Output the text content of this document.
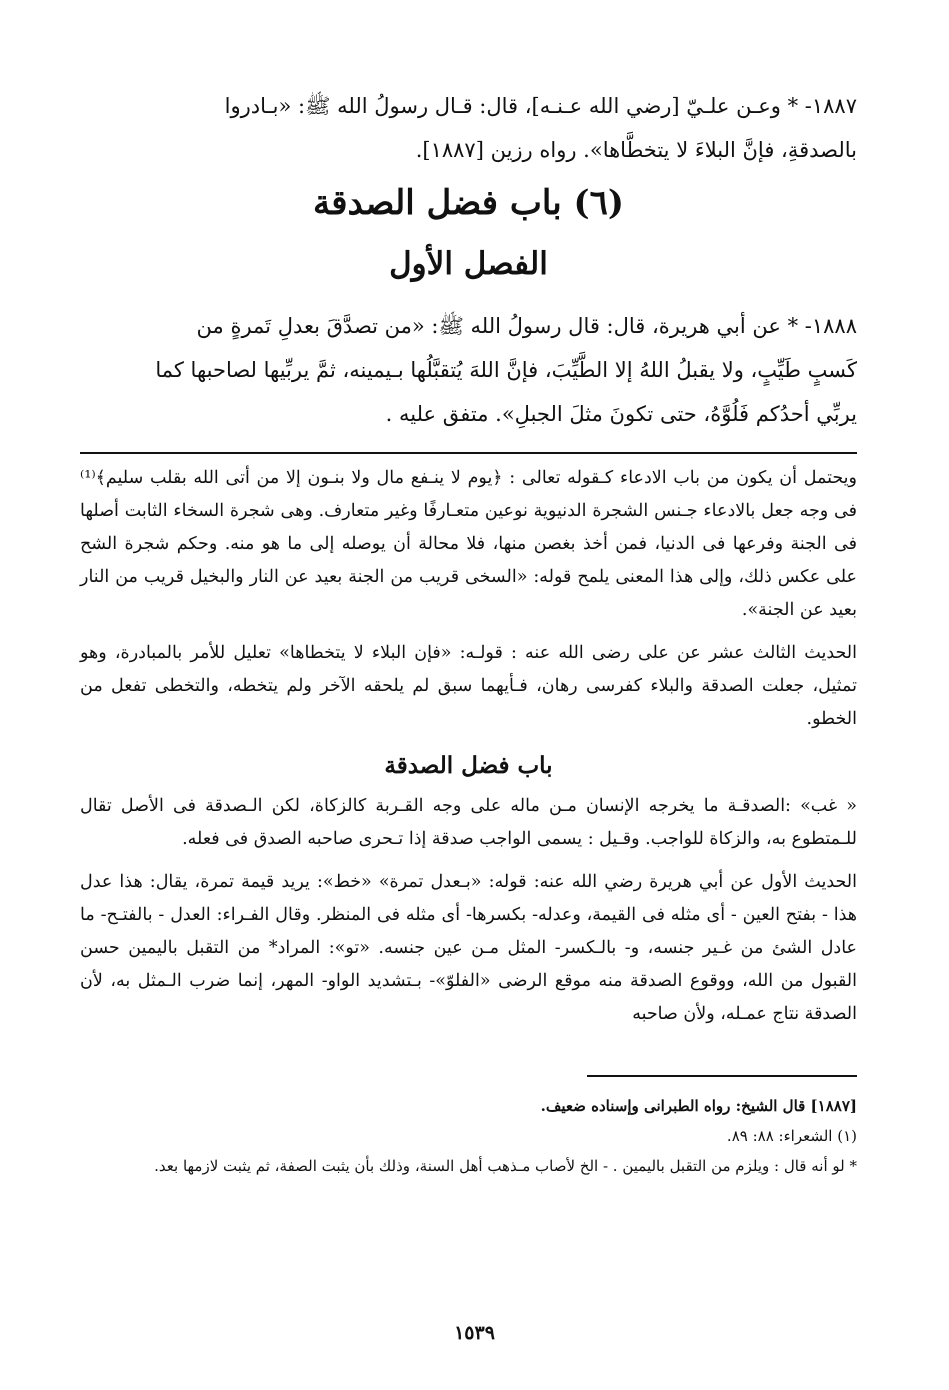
١٨٨٧- * وعـن علـيّ [رضي الله عـنـه]، قال: قـال رسولُ الله ﷺ: «بـادروا

بالصدقةِ، فإنَّ البلاءَ لا يتخطَّاها». رواه رزين [١٨٨٧].

(٦) باب فضل الصدقة
الفصل الأول

١٨٨٨- * عن أبي هريرة، قال: قال رسولُ الله ﷺ: «من تصدَّقَ بعدلِ تَمرةٍ من

كَسبٍ طَيِّبٍ، ولا يقبلُ اللهُ إلا الطَّيِّبَ، فإنَّ اللهَ يُتقبَّلُها بـيمينه، ثمَّ يربِّيها لصاحبها كما

يربِّي أحدُكم فَلُوَّهُ، حتى تكونَ مثلَ الجبلِ». متفق عليه .

ويحتمل أن يكون من باب الادعاء كـقوله تعالى : ﴿يوم لا ينـفع مال ولا بنـون إلا من أتى الله بقلب سليم﴾⁽¹⁾ فى وجه جعل بالادعاء جـنس الشجرة الدنيوية نوعين متعـارفًا وغير متعارف. وهى شجرة السخاء الثابت أصلها فى الجنة وفرعها فى الدنيا، فمن أخذ بغصن منها، فلا محالة أن يوصله إلى ما هو منه. وحكم شجرة الشح على عكس ذلك، وإلى هذا المعنى يلمح قوله: «السخى قريب من الجنة بعيد عن النار والبخيل قريب من النار بعيد عن الجنة».

الحديث الثالث عشر عن على رضى الله عنه : قولـه: «فإن البلاء لا يتخطاها» تعليل للأمر بالمبادرة، وهو تمثيل، جعلت الصدقة والبلاء كفرسى رهان، فـأيهما سبق لم يلحقه الآخر ولم يتخطه، والتخطى تفعل من الخطو.

باب فضل الصدقة

« غب» :الصدقـة ما يخرجه الإنسان مـن ماله على وجه القـربة كالزكاة، لكن الـصدقة فى الأصل تقال للـمتطوع به، والزكاة للواجب. وقـيل : يسمى الواجب صدقة إذا تـحرى صاحبه الصدق فى فعله.

الحديث الأول عن أبي هريرة رضي الله عنه: قوله: «بـعدل تمرة» «خط»: يريد قيمة تمرة، يقال: هذا عدل هذا - بفتح العين - أى مثله فى القيمة، وعدله- بكسرها- أى مثله فى المنظر. وقال الفـراء: العدل - بالفتـح- ما عادل الشئ من غـير جنسه، و- بالـكسر- المثل مـن عين جنسه. «تو»: المراد* من التقبل باليمين حسن القبول من الله، ووقوع الصدقة منه موقع الرضى «الفلوّ»- بـتشديد الواو- المهر، إنما ضرب الـمثل به، لأن الصدقة نتاج عمـله، ولأن صاحبه

[١٨٨٧] قال الشيخ: رواه الطبرانى وإسناده ضعيف.

(١) الشعراء: ٨٨: ٨٩.

* لو أنه قال : ويلزم من التقبل باليمين . - الخ لأصاب مـذهب أهل السنة، وذلك بأن يثبت الصفة، ثم يثبت لازمها بعد.

١٥٣٩
